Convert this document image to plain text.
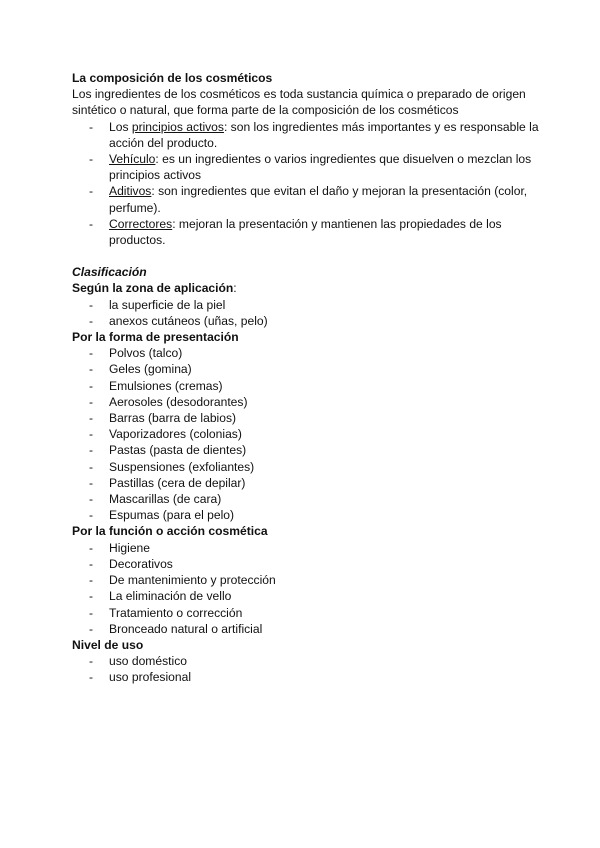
La composición de los cosméticos
Los ingredientes de los cosméticos es toda sustancia química o preparado de origen sintético o natural, que forma parte de la composición de los cosméticos
- Los principios activos: son los ingredientes más importantes y es responsable la acción del producto.
- Vehículo: es un ingredientes o varios ingredientes que disuelven o mezclan los principios activos
- Aditivos: son ingredientes que evitan el daño y mejoran la presentación (color, perfume).
- Correctores: mejoran la presentación y mantienen las propiedades de los productos.
Clasificación
Según la zona de aplicación:
- la superficie de la piel
- anexos cutáneos (uñas, pelo)
Por la forma de presentación
- Polvos (talco)
- Geles (gomina)
- Emulsiones (cremas)
- Aerosoles (desodorantes)
- Barras (barra de labios)
- Vaporizadores (colonias)
- Pastas (pasta de dientes)
- Suspensiones (exfoliantes)
- Pastillas (cera de depilar)
- Mascarillas (de cara)
- Espumas (para el pelo)
Por la función o acción cosmética
- Higiene
- Decorativos
- De mantenimiento y protección
- La eliminación de vello
- Tratamiento o corrección
- Bronceado natural o artificial
Nivel de uso
- uso doméstico
- uso profesional
